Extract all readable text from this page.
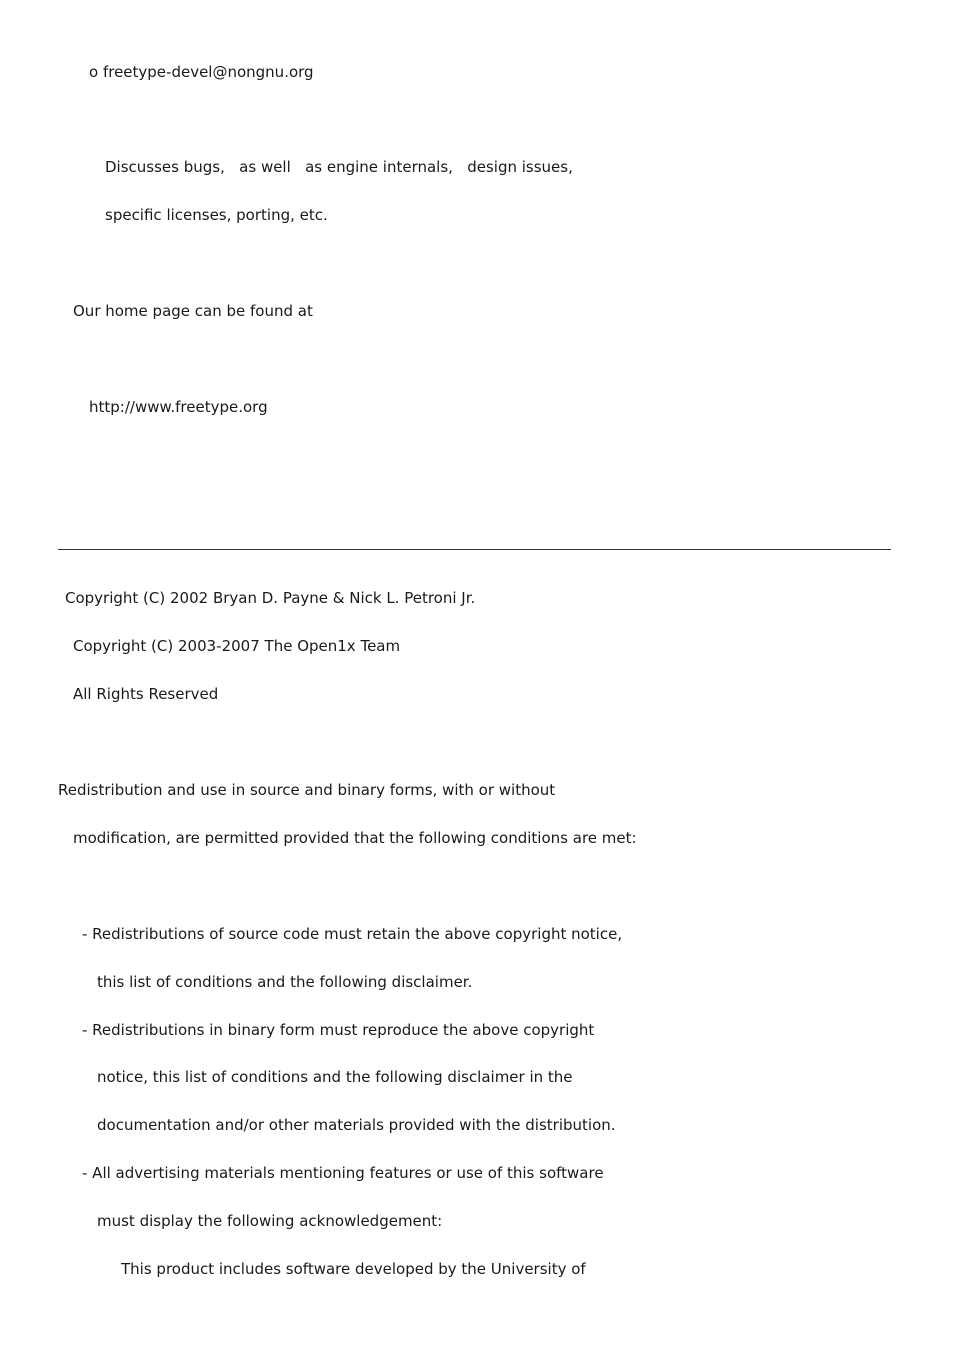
o freetype-devel@nongnu.org

Discusses bugs,   as well   as engine internals,   design issues,

specific licenses, porting, etc.

Our home page can be found at

http://www.freetype.org

Copyright (C) 2002 Bryan D. Payne & Nick L. Petroni Jr.

Copyright (C) 2003-2007 The Open1x Team

All Rights Reserved

Redistribution and use in source and binary forms, with or without

modification, are permitted provided that the following conditions are met:

- Redistributions of source code must retain the above copyright notice,

this list of conditions and the following disclaimer.

- Redistributions in binary form must reproduce the above copyright

notice, this list of conditions and the following disclaimer in the

documentation and/or other materials provided with the distribution.

- All advertising materials mentioning features or use of this software

must display the following acknowledgement:

This product includes software developed by the University of
